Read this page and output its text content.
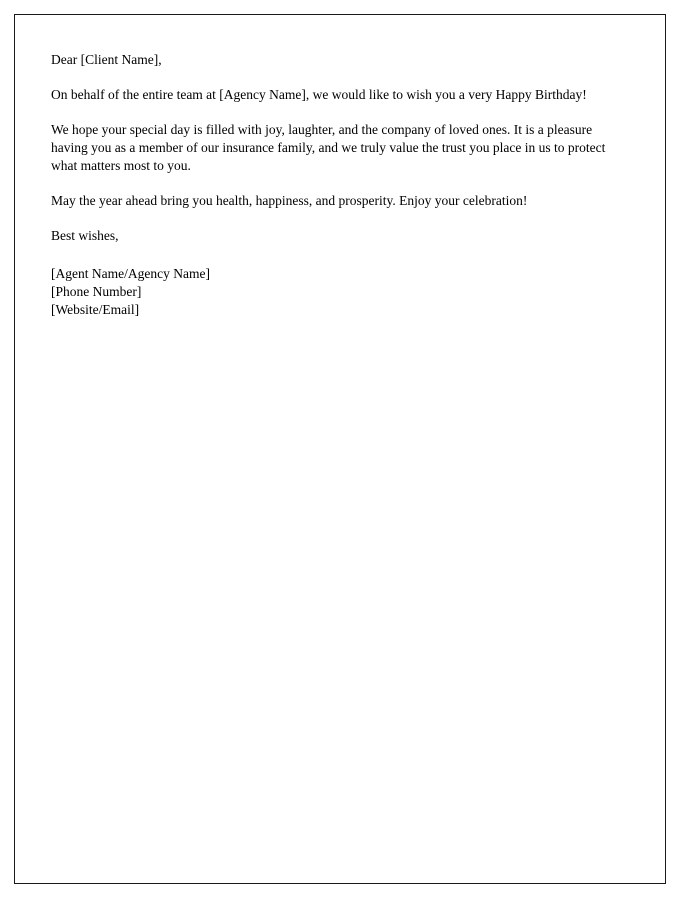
Dear [Client Name],

On behalf of the entire team at [Agency Name], we would like to wish you a very Happy Birthday!

We hope your special day is filled with joy, laughter, and the company of loved ones. It is a pleasure having you as a member of our insurance family, and we truly value the trust you place in us to protect what matters most to you.

May the year ahead bring you health, happiness, and prosperity. Enjoy your celebration!

Best wishes,

[Agent Name/Agency Name]
[Phone Number]
[Website/Email]
